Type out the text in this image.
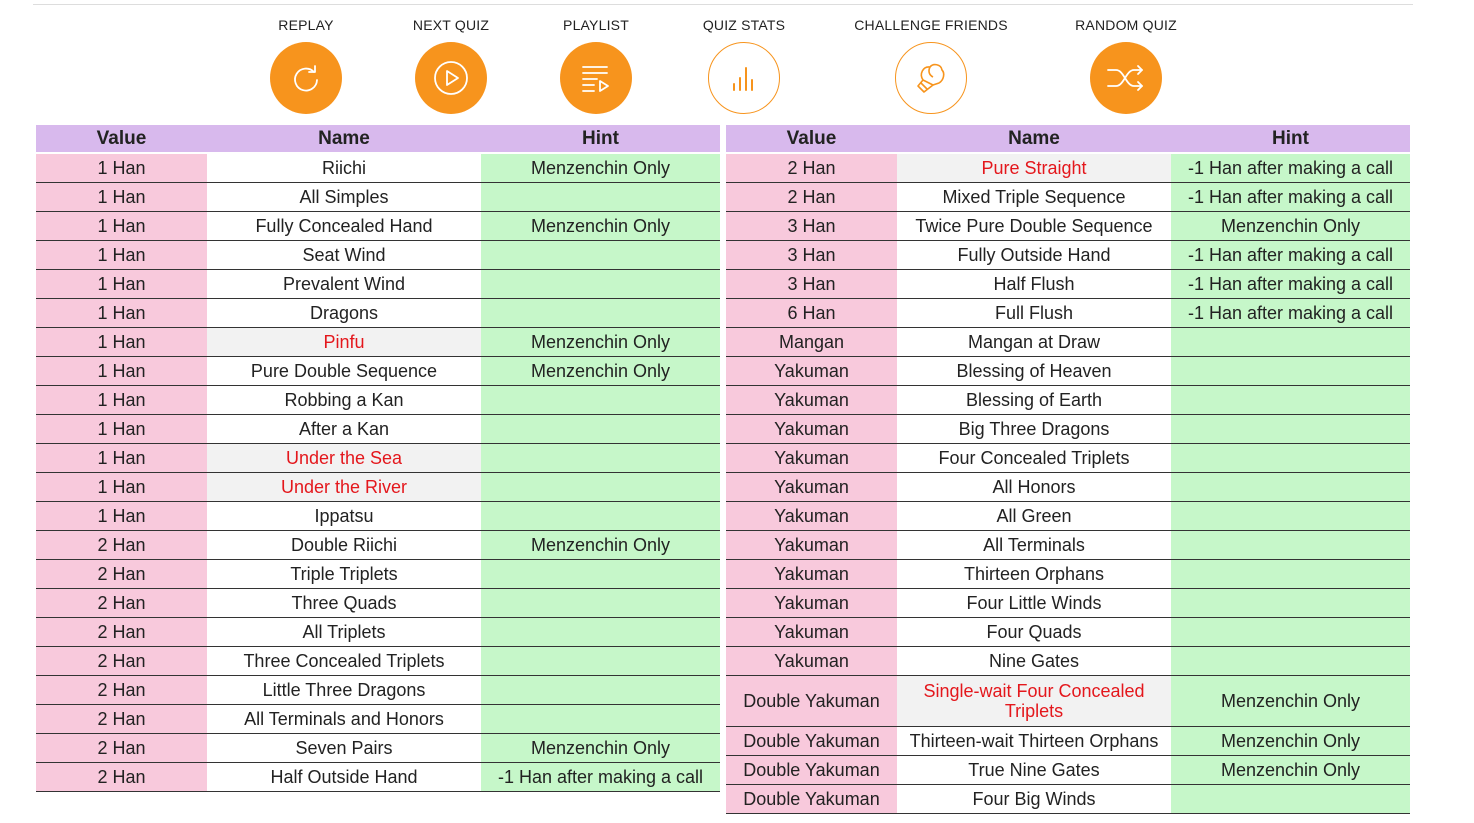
REPLAY	NEXT QUIZ	PLAYLIST	QUIZ STATS	CHALLENGE FRIENDS	RANDOM QUIZ
Value	Name	Hint
1 Han	Riichi	Menzenchin Only
1 Han	All Simples	
1 Han	Fully Concealed Hand	Menzenchin Only
1 Han	Seat Wind	
1 Han	Prevalent Wind	
1 Han	Dragons	
1 Han	Pinfu	Menzenchin Only
1 Han	Pure Double Sequence	Menzenchin Only
1 Han	Robbing a Kan	
1 Han	After a Kan	
1 Han	Under the Sea	
1 Han	Under the River	
1 Han	Ippatsu	
2 Han	Double Riichi	Menzenchin Only
2 Han	Triple Triplets	
2 Han	Three Quads	
2 Han	All Triplets	
2 Han	Three Concealed Triplets	
2 Han	Little Three Dragons	
2 Han	All Terminals and Honors	
2 Han	Seven Pairs	Menzenchin Only
2 Han	Half Outside Hand	-1 Han after making a call
Value	Name	Hint
2 Han	Pure Straight	-1 Han after making a call
2 Han	Mixed Triple Sequence	-1 Han after making a call
3 Han	Twice Pure Double Sequence	Menzenchin Only
3 Han	Fully Outside Hand	-1 Han after making a call
3 Han	Half Flush	-1 Han after making a call
6 Han	Full Flush	-1 Han after making a call
Mangan	Mangan at Draw	
Yakuman	Blessing of Heaven	
Yakuman	Blessing of Earth	
Yakuman	Big Three Dragons	
Yakuman	Four Concealed Triplets	
Yakuman	All Honors	
Yakuman	All Green	
Yakuman	All Terminals	
Yakuman	Thirteen Orphans	
Yakuman	Four Little Winds	
Yakuman	Four Quads	
Yakuman	Nine Gates	
Double Yakuman	Single-wait Four Concealed Triplets	Menzenchin Only
Double Yakuman	Thirteen-wait Thirteen Orphans	Menzenchin Only
Double Yakuman	True Nine Gates	Menzenchin Only
Double Yakuman	Four Big Winds	
